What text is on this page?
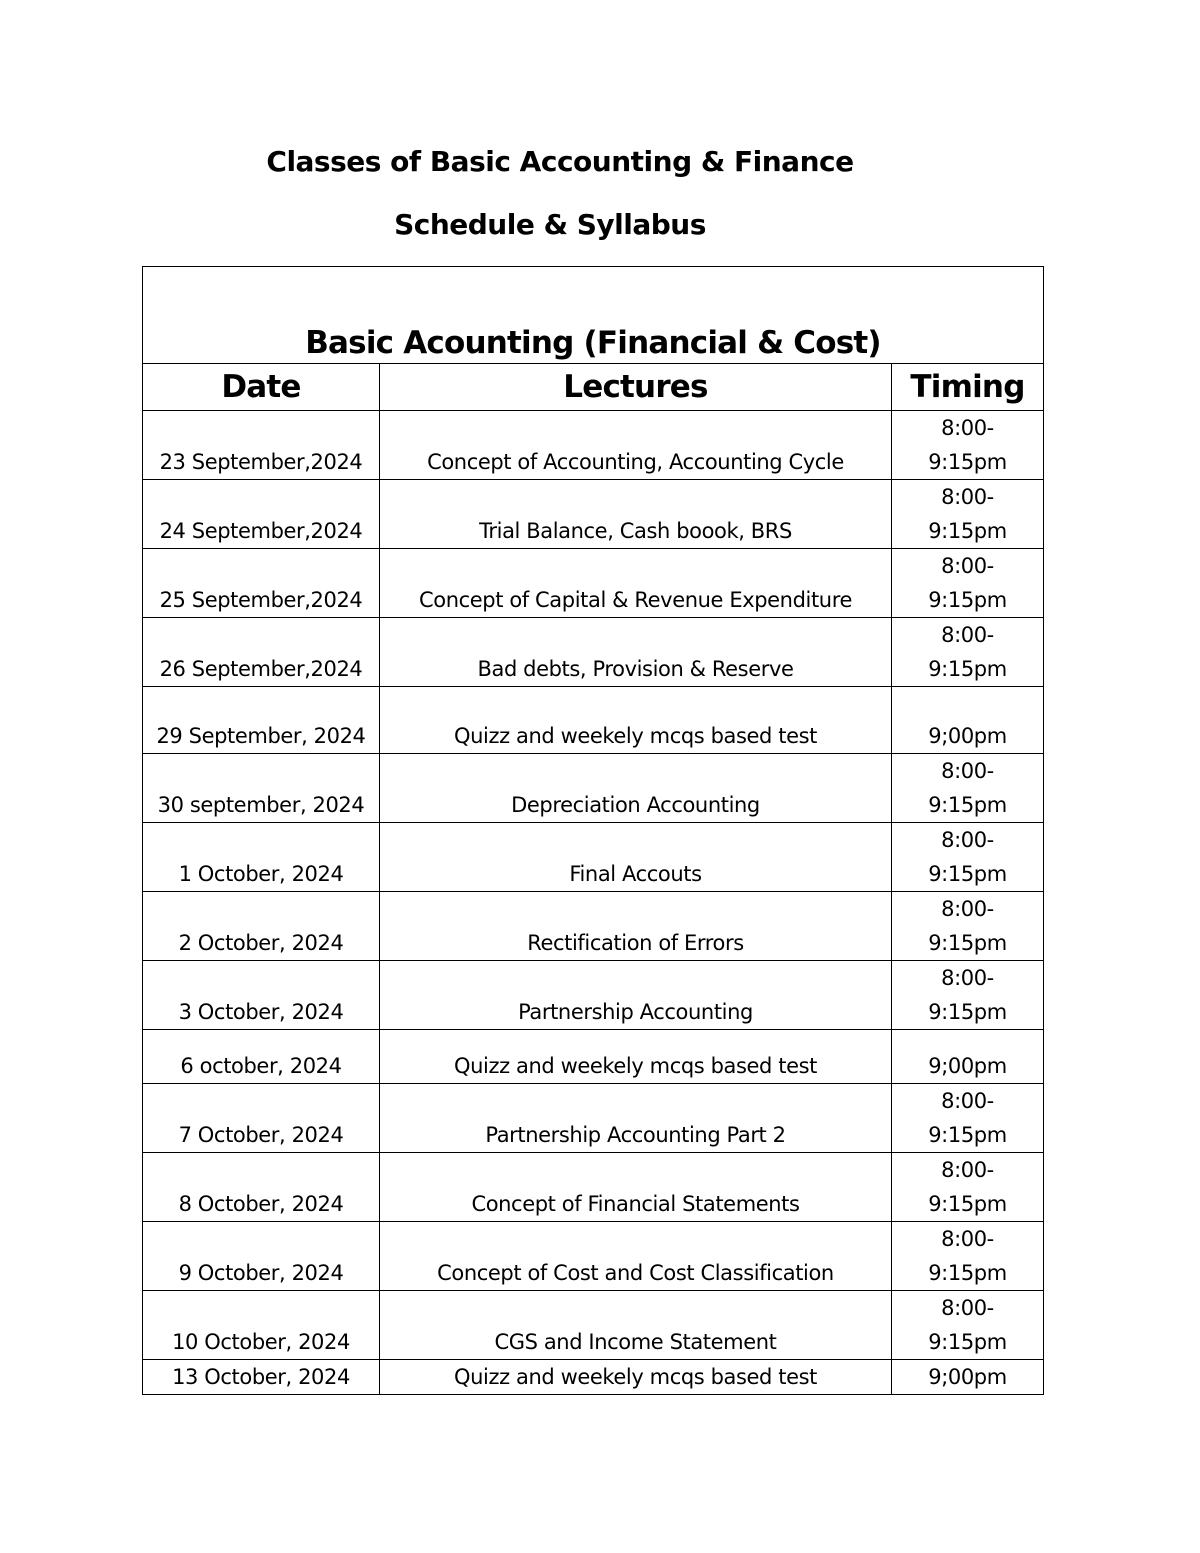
Classes of Basic Accounting & Finance
Schedule & Syllabus
Basic Acounting (Financial & Cost)		
Date	Lectures	Timing

23 September,2024	Concept of Accounting, Accounting Cycle	8:00-9:15pm

24 September,2024	Trial Balance, Cash boook, BRS	8:00-9:15pm

25 September,2024	Concept of Capital & Revenue Expenditure	8:00-9:15pm

26 September,2024	Bad debts, Provision & Reserve	8:00-9:15pm

29 September, 2024	Quizz and weekely mcqs based test	9;00pm

30 september, 2024	Depreciation Accounting	8:00-9:15pm

1 October, 2024	Final Accouts	8:00-9:15pm

2 October, 2024	Rectification of Errors	8:00-9:15pm

3 October, 2024	Partnership Accounting	8:00-9:15pm

6 october, 2024	Quizz and weekely mcqs based test	9;00pm

7 October, 2024	Partnership Accounting Part 2	8:00-9:15pm

8 October, 2024	Concept of Financial Statements	8:00-9:15pm

9 October, 2024	Concept of Cost and Cost Classification	8:00-9:15pm

10 October, 2024	CGS and Income Statement	8:00-9:15pm

13 October, 2024	Quizz and weekely mcqs based test	9;00pm
